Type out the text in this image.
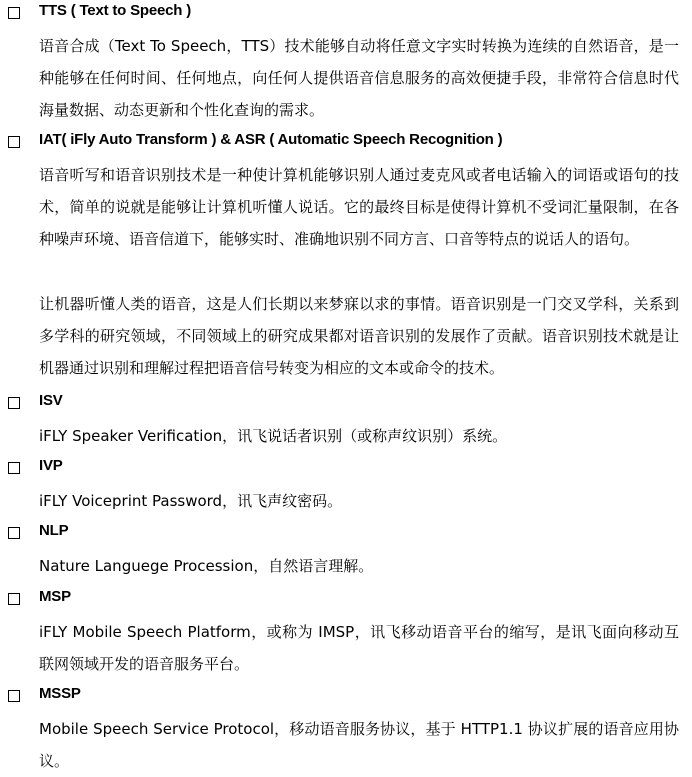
TTS ( Text to Speech )

语音合成（Text To Speech，TTS）技术能够自动将任意文字实时转换为连续的自然语音，是一种能够在任何时间、任何地点，向任何人提供语音信息服务的高效便捷手段，非常符合信息时代海量数据、动态更新和个性化查询的需求。

IAT( iFly Auto Transform ) & ASR ( Automatic Speech Recognition )

语音听写和语音识别技术是一种使计算机能够识别人通过麦克风或者电话输入的词语或语句的技术，简单的说就是能够让计算机听懂人说话。它的最终目标是使得计算机不受词汇量限制，在各种噪声环境、语音信道下，能够实时、准确地识别不同方言、口音等特点的说话人的语句。

让机器听懂人类的语音，这是人们长期以来梦寐以求的事情。语音识别是一门交叉学科，关系到多学科的研究领域，不同领域上的研究成果都对语音识别的发展作了贡献。语音识别技术就是让机器通过识别和理解过程把语音信号转变为相应的文本或命令的技术。

ISV

iFLY Speaker Verification，讯飞说话者识别（或称声纹识别）系统。

IVP

iFLY Voiceprint Password，讯飞声纹密码。

NLP

Nature Languege Procession，自然语言理解。

MSP

iFLY Mobile Speech Platform，或称为 IMSP，讯飞移动语音平台的缩写，是讯飞面向移动互联网领域开发的语音服务平台。

MSSP

Mobile Speech Service Protocol，移动语音服务协议，基于 HTTP1.1 协议扩展的语音应用协议。
